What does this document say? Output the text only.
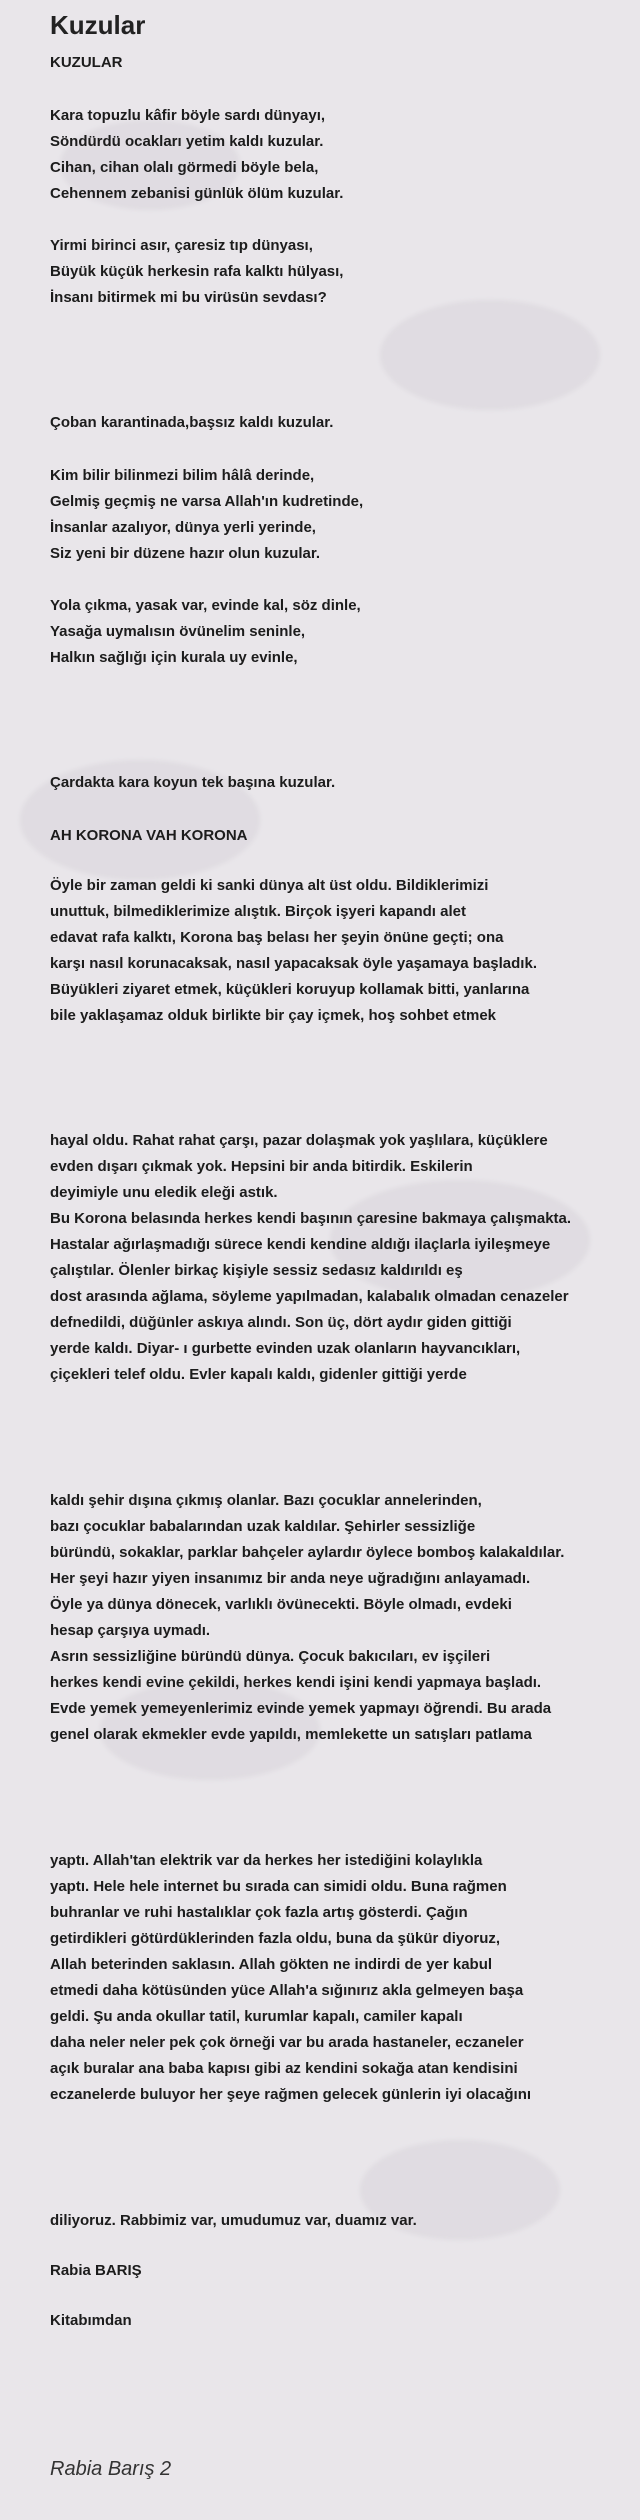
Kuzular
KUZULAR
Kara topuzlu kâfir böyle sardı dünyayı,
Söndürdü ocakları yetim kaldı kuzular.
Cihan, cihan olalı görmedi böyle bela,
Cehennem zebanisi günlük ölüm kuzular.
Yirmi birinci asır, çaresiz tıp dünyası,
Büyük küçük herkesin rafa kalktı hülyası,
İnsanı bitirmek mi bu virüsün sevdası?
Çoban karantinada,başsız kaldı kuzular.
Kim bilir bilinmezi bilim hâlâ derinde,
Gelmiş geçmiş ne varsa Allah'ın kudretinde,
İnsanlar azalıyor, dünya yerli yerinde,
Siz yeni bir düzene hazır olun kuzular.
Yola çıkma, yasak var, evinde kal, söz dinle,
Yasağa uymalısın övünelim seninle,
Halkın sağlığı için kurala uy evinle,
Çardakta kara koyun tek başına kuzular.
AH KORONA VAH KORONA
Öyle bir zaman geldi ki sanki dünya alt üst oldu. Bildiklerimizi
unuttuk, bilmediklerimize alıştık. Birçok işyeri kapandı alet
edavat rafa kalktı, Korona baş belası her şeyin önüne geçti; ona
karşı nasıl korunacaksak, nasıl yapacaksak öyle yaşamaya başladık.
Büyükleri ziyaret etmek, küçükleri koruyup kollamak bitti, yanlarına
bile yaklaşamaz olduk birlikte bir çay içmek, hoş sohbet etmek
hayal oldu. Rahat rahat çarşı, pazar dolaşmak yok yaşlılara, küçüklere
evden dışarı çıkmak yok. Hepsini bir anda bitirdik. Eskilerin
deyimiyle unu eledik eleği astık.
Bu Korona belasında herkes kendi başının çaresine bakmaya çalışmakta.
Hastalar ağırlaşmadığı sürece kendi kendine aldığı ilaçlarla iyileşmeye
çalıştılar. Ölenler birkaç kişiyle sessiz sedasız kaldırıldı eş
dost arasında ağlama, söyleme yapılmadan, kalabalık olmadan cenazeler
defnedildi, düğünler askıya alındı. Son üç, dört aydır giden gittiği
yerde kaldı. Diyar- ı gurbette evinden uzak olanların hayvancıkları,
çiçekleri telef oldu. Evler kapalı kaldı, gidenler gittiği yerde
kaldı şehir dışına çıkmış olanlar. Bazı çocuklar annelerinden,
bazı çocuklar babalarından uzak kaldılar. Şehirler sessizliğe
büründü, sokaklar, parklar bahçeler aylardır öylece bomboş kalakaldılar.
Her şeyi hazır yiyen insanımız bir anda neye uğradığını anlayamadı.
Öyle ya dünya dönecek, varlıklı övünecekti. Böyle olmadı, evdeki
hesap çarşıya uymadı.
Asrın sessizliğine büründü dünya. Çocuk bakıcıları, ev işçileri
herkes kendi evine çekildi, herkes kendi işini kendi yapmaya başladı.
Evde yemek yemeyenlerimiz evinde yemek yapmayı öğrendi. Bu arada
genel olarak ekmekler evde yapıldı, memlekette un satışları patlama
yaptı. Allah'tan elektrik var da herkes her istediğini kolaylıkla
yaptı. Hele hele internet bu sırada can simidi oldu. Buna rağmen
buhranlar ve ruhi hastalıklar çok fazla artış gösterdi. Çağın
getirdikleri götürdüklerinden fazla oldu, buna da şükür diyoruz,
Allah beterinden saklasın. Allah gökten ne indirdi de yer kabul
etmedi daha kötüsünden yüce Allah'a sığınırız akla gelmeyen başa
geldi. Şu anda okullar tatil, kurumlar kapalı, camiler kapalı
daha neler neler pek çok örneği var bu arada hastaneler, eczaneler
açık buralar ana baba kapısı gibi az kendini sokağa atan kendisini
eczanelerde buluyor her şeye rağmen gelecek günlerin iyi olacağını
diliyoruz. Rabbimiz var, umudumuz var, duamız var.
Rabia BARIŞ
Kitabımdan
Rabia Barış 2
